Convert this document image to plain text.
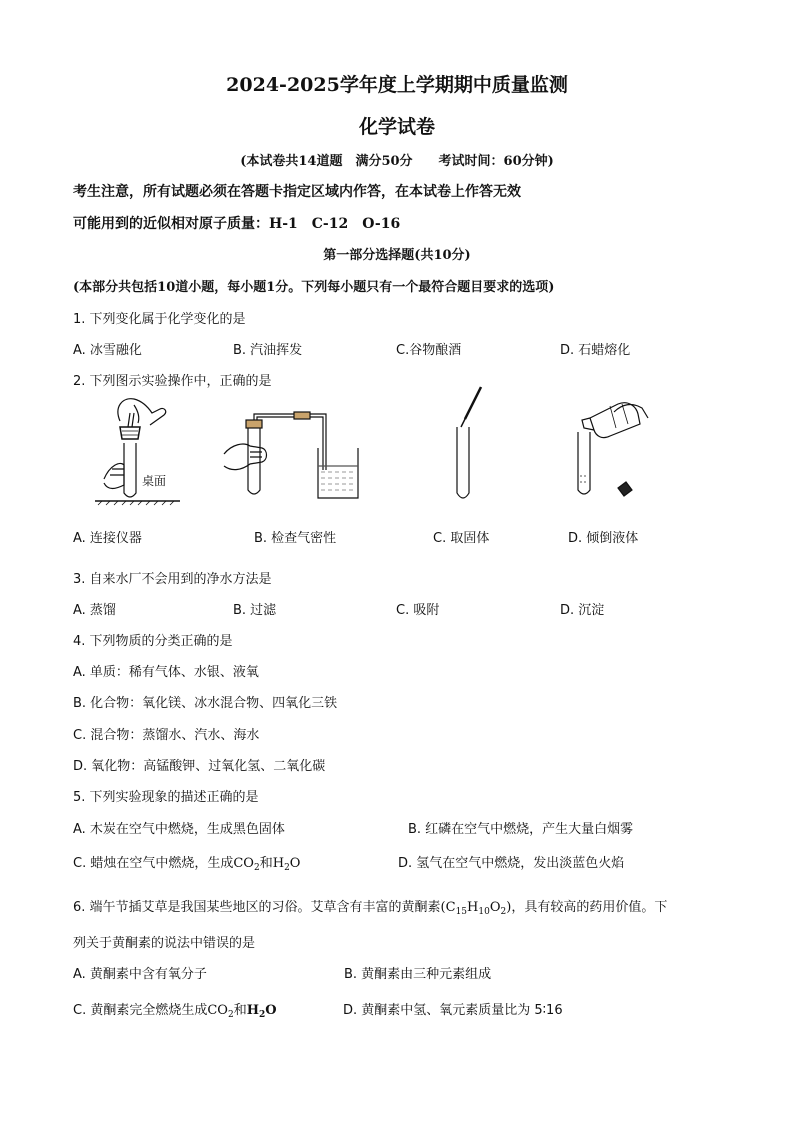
2024-2025学年度上学期期中质量监测
化学试卷
(本试卷共14道题　满分50分　　考试时间：60分钟)
考生注意，所有试题必须在答题卡指定区域内作答，在本试卷上作答无效
可能用到的近似相对原子质量：H-1　C-12　O-16
第一部分选择题(共10分)
(本部分共包括10道小题，每小题1分。下列每小题只有一个最符合题目要求的选项)
1. 下列变化属于化学变化的是
A. 冰雪融化	B. 汽油挥发	C.谷物酿酒	D. 石蜡熔化
2. 下列图示实验操作中，正确的是
桌面
A. 连接仪器	B. 检查气密性	C. 取固体	D. 倾倒液体
3. 自来水厂不会用到的净水方法是
A. 蒸馏	B. 过滤	C. 吸附	D. 沉淀
4. 下列物质的分类正确的是
A. 单质：稀有气体、水银、液氧
B. 化合物：氧化镁、冰水混合物、四氧化三铁
C. 混合物：蒸馏水、汽水、海水
D. 氧化物：高锰酸钾、过氧化氢、二氧化碳
5. 下列实验现象的描述正确的是
A. 木炭在空气中燃烧，生成黑色固体	B. 红磷在空气中燃烧，产生大量白烟雾
C. 蜡烛在空气中燃烧，生成$CO_2$和$H_2O$	D. 氢气在空气中燃烧，发出淡蓝色火焰
6. 端午节插艾草是我国某些地区的习俗。艾草含有丰富的黄酮素$(C_{15}H_{10}O_2)$，具有较高的药用价值。下
列关于黄酮素的说法中错误的是
A. 黄酮素中含有氧分子	B. 黄酮素由三种元素组成
C. 黄酮素完全燃烧生成$CO_2$和$H_2O$	D. 黄酮素中氢、氧元素质量比为 5∶16
